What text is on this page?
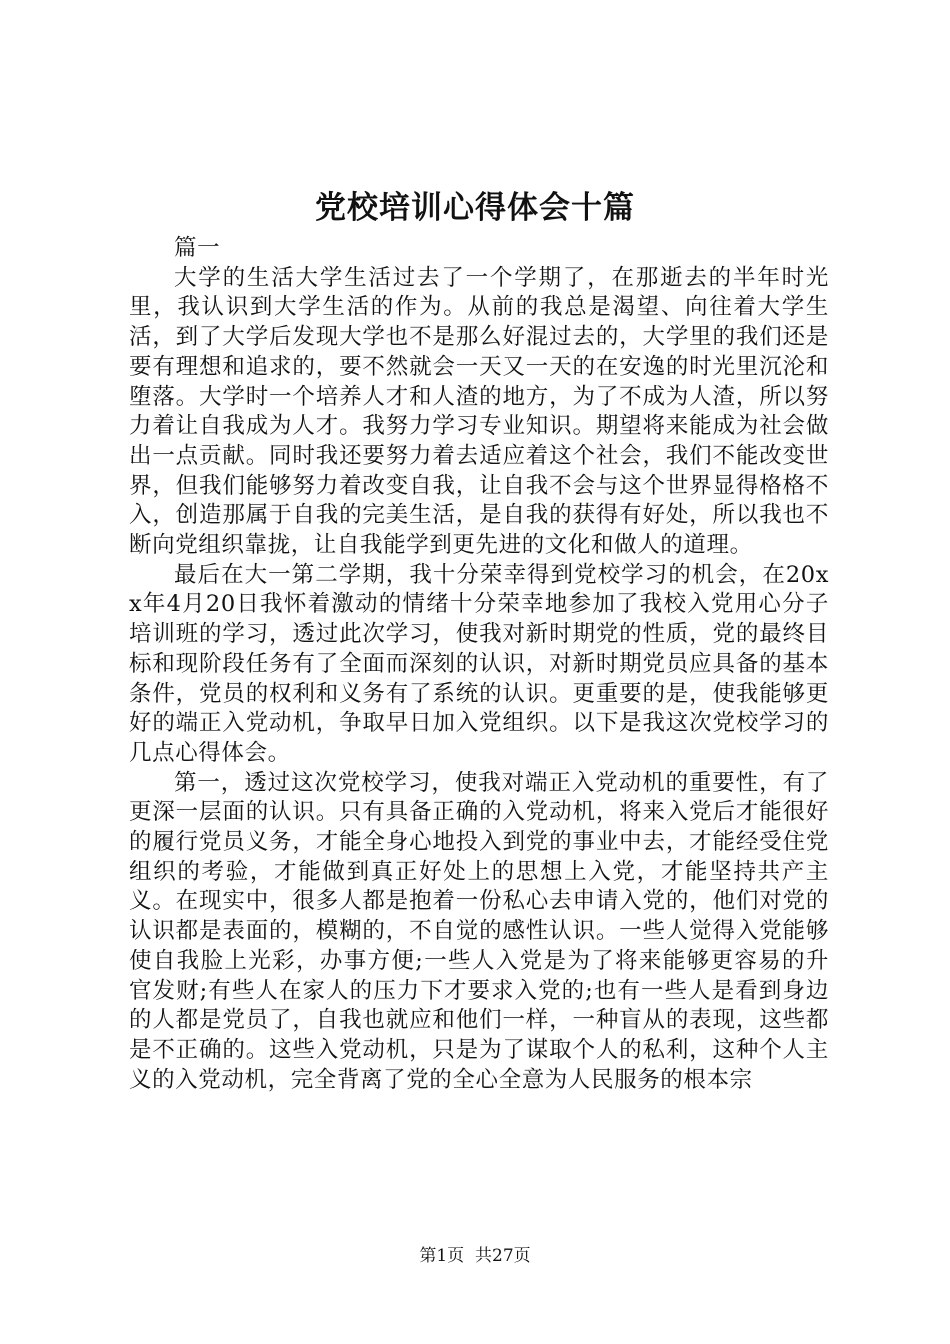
党校培训心得体会十篇

篇一

大学的生活大学生活过去了一个学期了，在那逝去的半年时光里，我认识到大学生活的作为。从前的我总是渴望、向往着大学生活，到了大学后发现大学也不是那么好混过去的，大学里的我们还是要有理想和追求的，要不然就会一天又一天的在安逸的时光里沉沦和堕落。大学时一个培养人才和人渣的地方，为了不成为人渣，所以努力着让自我成为人才。我努力学习专业知识。期望将来能成为社会做出一点贡献。同时我还要努力着去适应着这个社会，我们不能改变世界，但我们能够努力着改变自我，让自我不会与这个世界显得格格不入，创造那属于自我的完美生活，是自我的获得有好处，所以我也不断向党组织靠拢，让自我能学到更先进的文化和做人的道理。

最后在大一第二学期，我十分荣幸得到党校学习的机会，在20xx年4月20日我怀着激动的情绪十分荣幸地参加了我校入党用心分子培训班的学习，透过此次学习，使我对新时期党的性质，党的最终目标和现阶段任务有了全面而深刻的认识，对新时期党员应具备的基本条件，党员的权利和义务有了系统的认识。更重要的是，使我能够更好的端正入党动机，争取早日加入党组织。以下是我这次党校学习的几点心得体会。

第一，透过这次党校学习，使我对端正入党动机的重要性，有了更深一层面的认识。只有具备正确的入党动机，将来入党后才能很好的履行党员义务，才能全身心地投入到党的事业中去，才能经受住党组织的考验，才能做到真正好处上的思想上入党，才能坚持共产主义。在现实中，很多人都是抱着一份私心去申请入党的，他们对党的认识都是表面的，模糊的，不自觉的感性认识。一些人觉得入党能够使自我脸上光彩，办事方便;一些人入党是为了将来能够更容易的升官发财;有些人在家人的压力下才要求入党的;也有一些人是看到身边的人都是党员了，自我也就应和他们一样，一种盲从的表现，这些都是不正确的。这些入党动机，只是为了谋取个人的私利，这种个人主义的入党动机，完全背离了党的全心全意为人民服务的根本宗

第1页 共27页
